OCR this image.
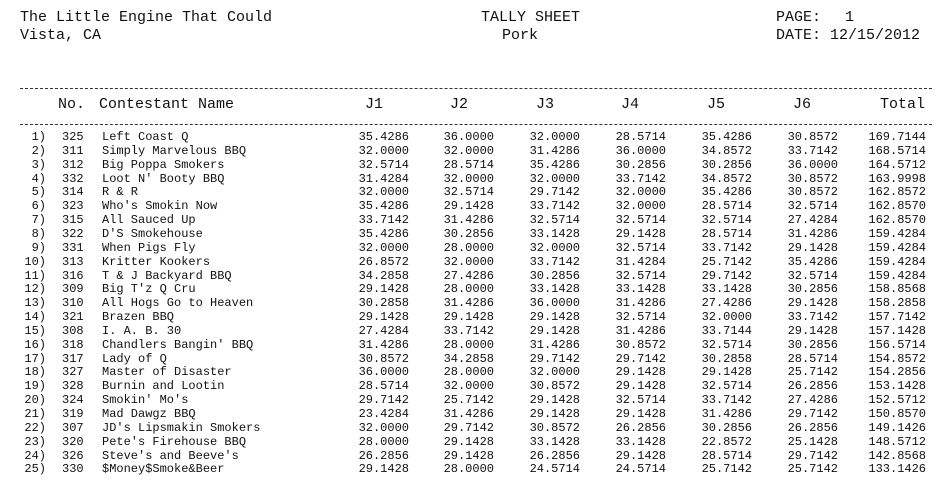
The Little Engine That Could
Vista, CA
TALLY SHEET
Pork
PAGE: 1
DATE: 12/15/2012
No. Contestant Name	J1	J2	J3	J4	J5	J6	Total
1) 325 Left Coast Q	35.4286	36.0000	32.0000	28.5714	35.4286	30.8572	169.7144
2) 311 Simply Marvelous BBQ	32.0000	32.0000	31.4286	36.0000	34.8572	33.7142	168.5714
3) 312 Big Poppa Smokers	32.5714	28.5714	35.4286	30.2856	30.2856	36.0000	164.5712
4) 332 Loot N' Booty BBQ	31.4284	32.0000	32.0000	33.7142	34.8572	30.8572	163.9998
5) 314 R & R	32.0000	32.5714	29.7142	32.0000	35.4286	30.8572	162.8572
6) 323 Who's Smokin Now	35.4286	29.1428	33.7142	32.0000	28.5714	32.5714	162.8570
7) 315 All Sauced Up	33.7142	31.4286	32.5714	32.5714	32.5714	27.4284	162.8570
8) 322 D'S Smokehouse	35.4286	30.2856	33.1428	29.1428	28.5714	31.4286	159.4284
9) 331 When Pigs Fly	32.0000	28.0000	32.0000	32.5714	33.7142	29.1428	159.4284
10) 313 Kritter Kookers	26.8572	32.0000	33.7142	31.4284	25.7142	35.4286	159.4284
11) 316 T & J Backyard BBQ	34.2858	27.4286	30.2856	32.5714	29.7142	32.5714	159.4284
12) 309 Big T'z Q Cru	29.1428	28.0000	33.1428	33.1428	33.1428	30.2856	158.8568
13) 310 All Hogs Go to Heaven	30.2858	31.4286	36.0000	31.4286	27.4286	29.1428	158.2858
14) 321 Brazen BBQ	29.1428	29.1428	29.1428	32.5714	32.0000	33.7142	157.7142
15) 308 I. A. B. 30	27.4284	33.7142	29.1428	31.4286	33.7144	29.1428	157.1428
16) 318 Chandlers Bangin' BBQ	31.4286	28.0000	31.4286	30.8572	32.5714	30.2856	156.5714
17) 317 Lady of Q	30.8572	34.2858	29.7142	29.7142	30.2858	28.5714	154.8572
18) 327 Master of Disaster	36.0000	28.0000	32.0000	29.1428	29.1428	25.7142	154.2856
19) 328 Burnin and Lootin	28.5714	32.0000	30.8572	29.1428	32.5714	26.2856	153.1428
20) 324 Smokin' Mo's	29.7142	25.7142	29.1428	32.5714	33.7142	27.4286	152.5712
21) 319 Mad Dawgz BBQ	23.4284	31.4286	29.1428	29.1428	31.4286	29.7142	150.8570
22) 307 JD's Lipsmakin Smokers	32.0000	29.7142	30.8572	26.2856	30.2856	26.2856	149.1426
23) 320 Pete's Firehouse BBQ	28.0000	29.1428	33.1428	33.1428	22.8572	25.1428	148.5712
24) 326 Steve's and Beeve's	26.2856	29.1428	26.2856	29.1428	28.5714	29.7142	142.8568
25) 330 $Money$Smoke&Beer	29.1428	28.0000	24.5714	24.5714	25.7142	25.7142	133.1426
